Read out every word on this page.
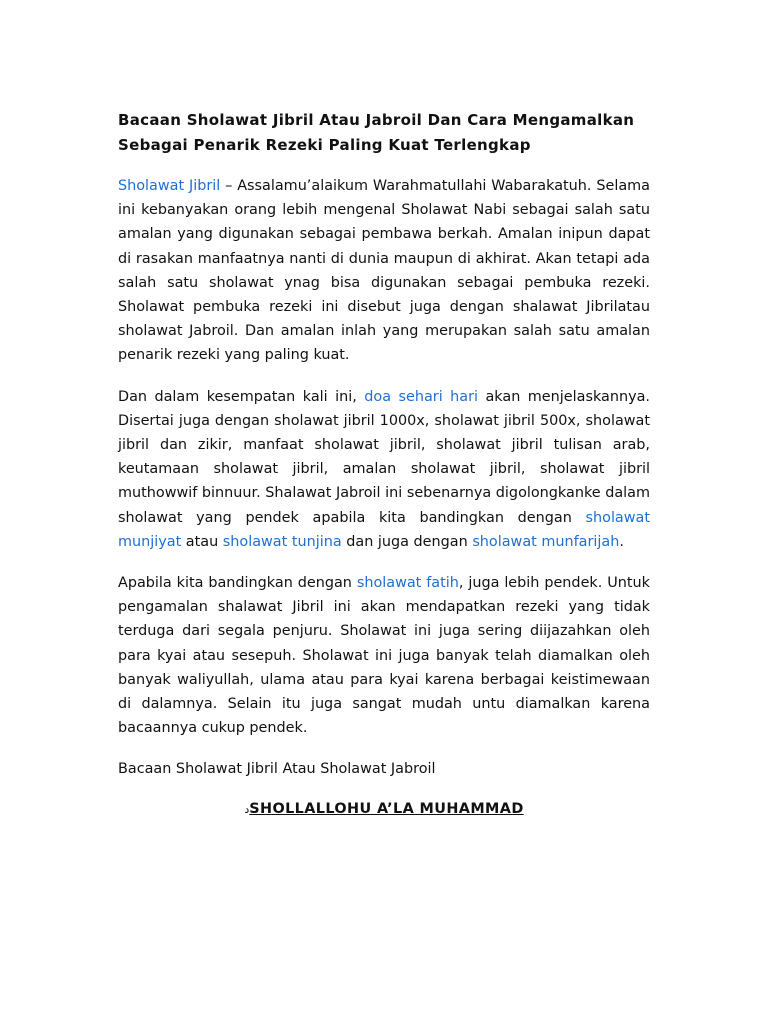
Bacaan Sholawat Jibril Atau Jabroil Dan Cara Mengamalkan Sebagai Penarik Rezeki Paling Kuat Terlengkap

Sholawat Jibril – Assalamu’alaikum Warahmatullahi Wabarakatuh. Selama ini kebanyakan orang lebih mengenal Sholawat Nabi sebagai salah satu amalan yang digunakan sebagai pembawa berkah. Amalan inipun dapat di rasakan manfaatnya nanti di dunia maupun di akhirat. Akan tetapi ada salah satu sholawat ynag bisa digunakan sebagai pembuka rezeki. Sholawat pembuka rezeki ini disebut juga dengan shalawat Jibrilatau sholawat Jabroil. Dan amalan inlah yang merupakan salah satu amalan penarik rezeki yang paling kuat.

Dan dalam kesempatan kali ini, doa sehari hari akan menjelaskannya. Disertai juga dengan sholawat jibril 1000x, sholawat jibril 500x, sholawat jibril dan zikir, manfaat sholawat jibril, sholawat jibril tulisan arab, keutamaan sholawat jibril, amalan sholawat jibril, sholawat jibril muthowwif binnuur. Shalawat Jabroil ini sebenarnya digolongkanke dalam sholawat yang pendek apabila kita bandingkan dengan sholawat munjiyat atau sholawat tunjina dan juga dengan sholawat munfarijah.

Apabila kita bandingkan dengan sholawat fatih, juga lebih pendek. Untuk pengamalan shalawat Jibril ini akan mendapatkan rezeki yang tidak terduga dari segala penjuru. Sholawat ini juga sering diijazahkan oleh para kyai atau sesepuh. Sholawat ini juga banyak telah diamalkan oleh banyak waliyullah, ulama atau para kyai karena berbagai keistimewaan di dalamnya. Selain itu juga sangat mudah untu diamalkan karena bacaannya cukup pendek.

Bacaan Sholawat Jibril Atau Sholawat Jabroil

دSHOLLALLOHU A’LA MUHAMMAD
